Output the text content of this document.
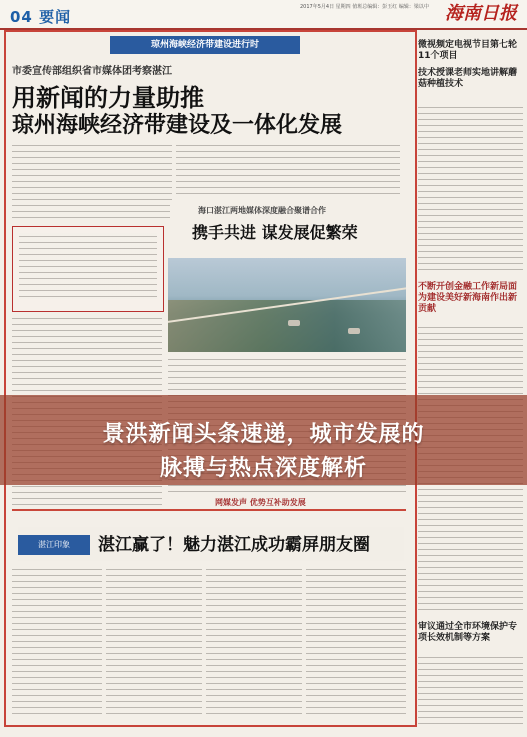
04 要闻
2017年5月4日 星期四 值班总编辑：彭玉红 编辑：梁以中 海南日报
琼州海峡经济带建设进行时
市委宣传部组织省市媒体团考察湛江
用新闻的力量助推
琼州海峡经济带建设及一体化发展
海口湛江两地媒体深度融合聚谱合作
携手共进 谋发展促繁荣
网媒发声 优势互补助发展
湛江印象	湛江赢了！魅力湛江成功霸屏朋友圈
微视频定电视节目第七轮11个项目
技术授课老师实地讲解蘑菇种植技术
不断开创金融工作新局面 为建设美好新海南作出新贡献
审议通过全市环境保护专项长效机制等方案
景洪新闻头条速递，城市发展的
脉搏与热点深度解析
